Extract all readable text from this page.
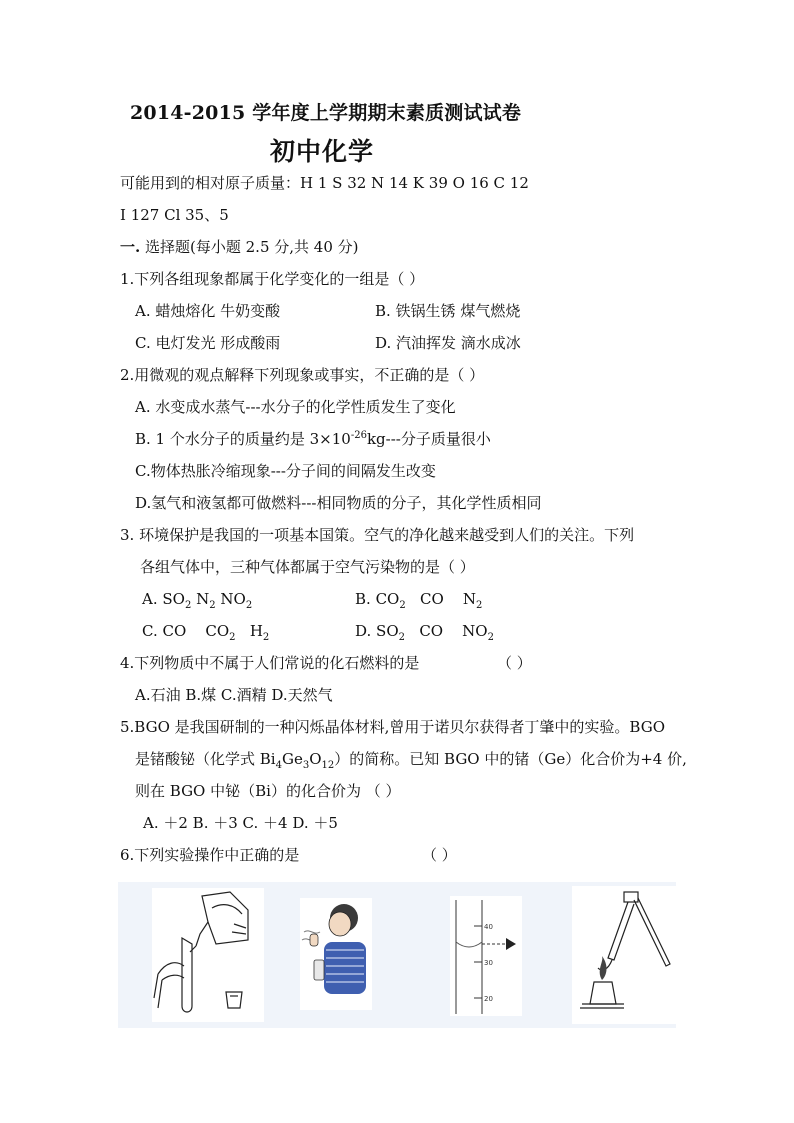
2014-2015 学年度上学期期末素质测试试卷
初中化学
可能用到的相对原子质量：H 1 S 32 N 14 K 39 O 16 C 12
I 127 Cl 35、5
一. 选择题(每小题 2.5 分,共 40 分)
1.下列各组现象都属于化学变化的一组是（ ）
A. 蜡烛熔化 牛奶变酸	B. 铁锅生锈 煤气燃烧
C. 电灯发光 形成酸雨	D. 汽油挥发 滴水成冰
2.用微观的观点解释下列现象或事实，不正确的是（ ）
A. 水变成水蒸气---水分子的化学性质发生了变化
B. 1 个水分子的质量约是 $3\times 10^{-26}kg---$分子质量很小
C.物体热胀冷缩现象---分子间的间隔发生改变
D.氢气和液氢都可做燃料---相同物质的分子，其化学性质相同
3. 环境保护是我国的一项基本国策。空气的净化越来越受到人们的关注。下列
各组气体中，三种气体都属于空气污染物的是（ ）
A. $SO_2$ $N_2$ $NO_2$	B. $CO_2$ CO $N_2$
C. CO $CO_2$ $H_2$	D. $SO_2$ CO $NO_2$
4.下列物质中不属于人们常说的化石燃料的是	（ ）
A.石油 B.煤 C.酒精 D.天然气
5.BGO 是我国研制的一种闪烁晶体材料,曾用于诺贝尔获得者丁肇中的实验。BGO
是锗酸铋（化学式 $Bi_4Ge_3O_{12}$）的简称。已知 BGO 中的锗（Ge）化合价为+4 价,
则在 BGO 中铋（Bi）的化合价为 （ ）
A. ＋2 B. ＋3 C. ＋4 D. ＋5
6.下列实验操作中正确的是	（ ）
40
30
20
